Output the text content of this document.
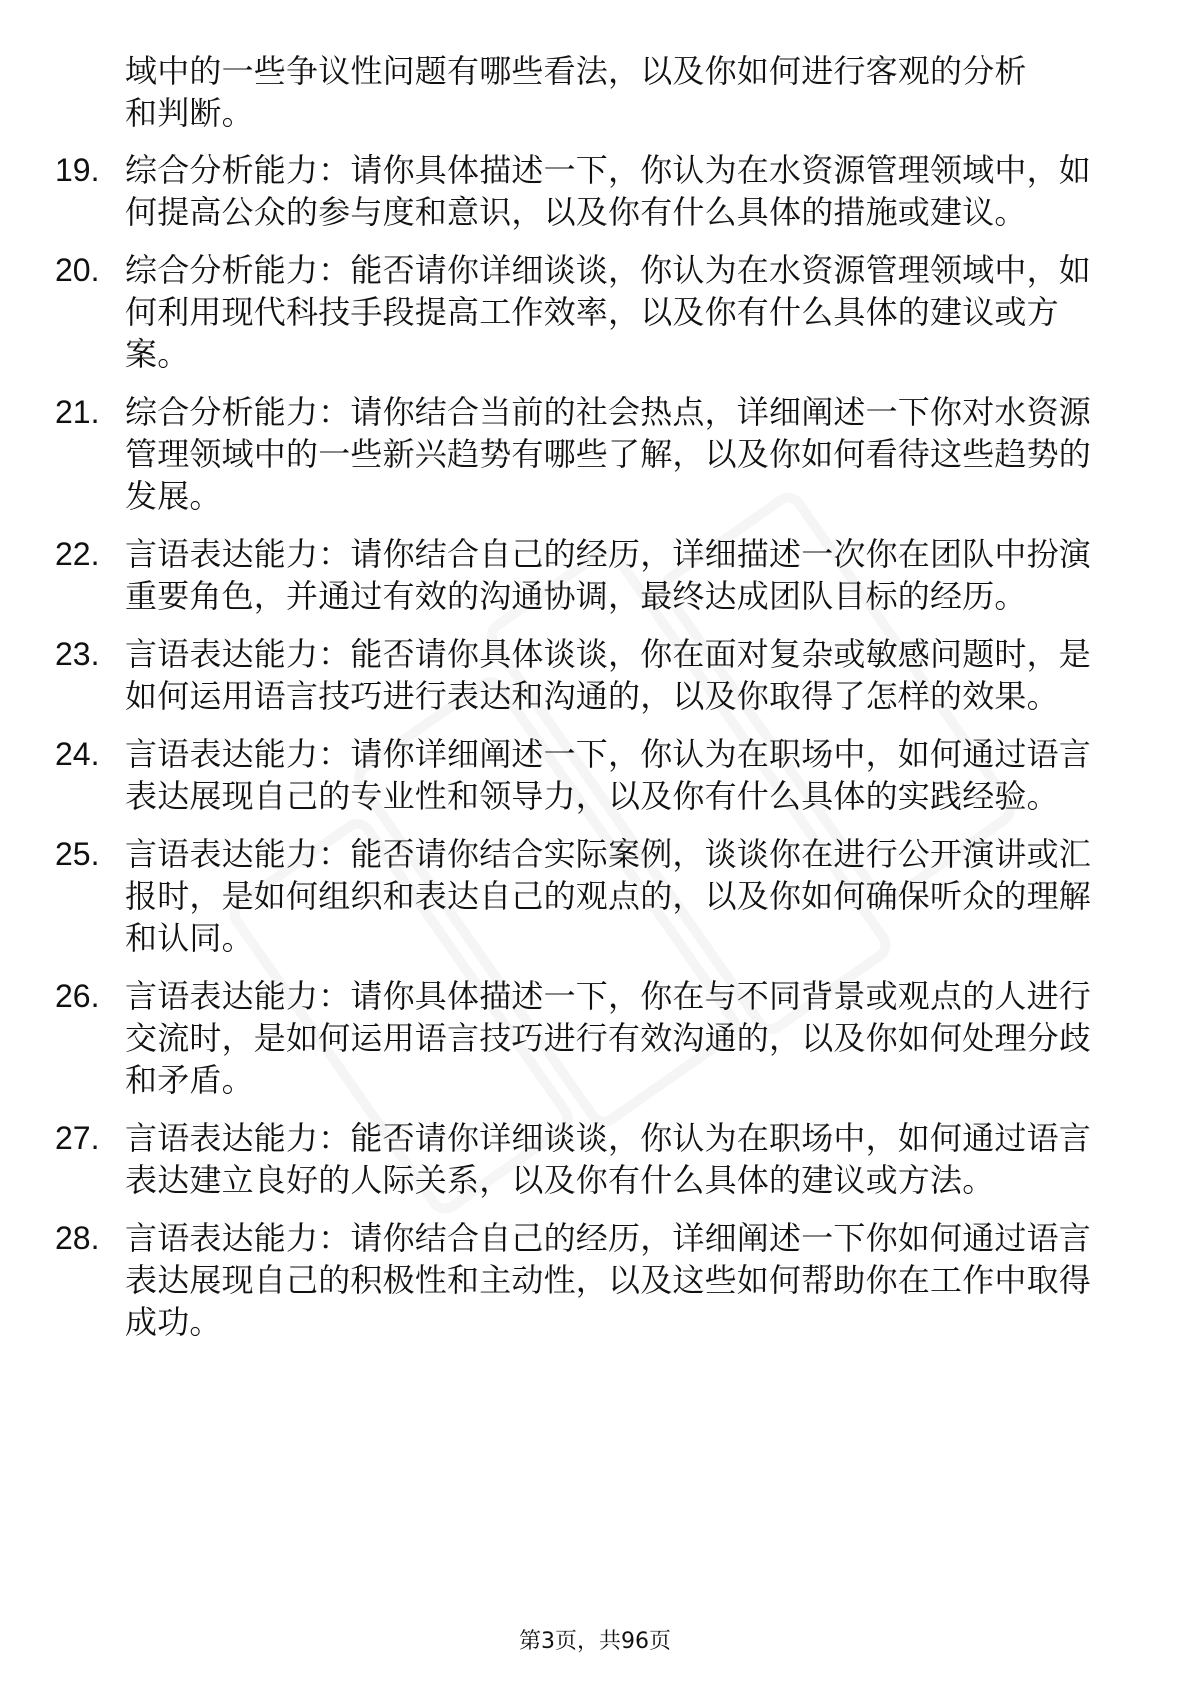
域中的一些争议性问题有哪些看法，以及你如何进行客观的分析
和判断。
19. 综合分析能力：请你具体描述一下，你认为在水资源管理领域中，如何提高公众的参与度和意识，以及你有什么具体的措施或建议。
20. 综合分析能力：能否请你详细谈谈，你认为在水资源管理领域中，如何利用现代科技手段提高工作效率，以及你有什么具体的建议或方案。
21. 综合分析能力：请你结合当前的社会热点，详细阐述一下你对水资源管理领域中的一些新兴趋势有哪些了解，以及你如何看待这些趋势的发展。
22. 言语表达能力：请你结合自己的经历，详细描述一次你在团队中扮演重要角色，并通过有效的沟通协调，最终达成团队目标的经历。
23. 言语表达能力：能否请你具体谈谈，你在面对复杂或敏感问题时，是如何运用语言技巧进行表达和沟通的，以及你取得了怎样的效果。
24. 言语表达能力：请你详细阐述一下，你认为在职场中，如何通过语言表达展现自己的专业性和领导力，以及你有什么具体的实践经验。
25. 言语表达能力：能否请你结合实际案例，谈谈你在进行公开演讲或汇报时，是如何组织和表达自己的观点的，以及你如何确保听众的理解和认同。
26. 言语表达能力：请你具体描述一下，你在与不同背景或观点的人进行交流时，是如何运用语言技巧进行有效沟通的，以及你如何处理分歧和矛盾。
27. 言语表达能力：能否请你详细谈谈，你认为在职场中，如何通过语言表达建立良好的人际关系，以及你有什么具体的建议或方法。
28. 言语表达能力：请你结合自己的经历，详细阐述一下你如何通过语言表达展现自己的积极性和主动性，以及这些如何帮助你在工作中取得成功。
第3页，共96页
